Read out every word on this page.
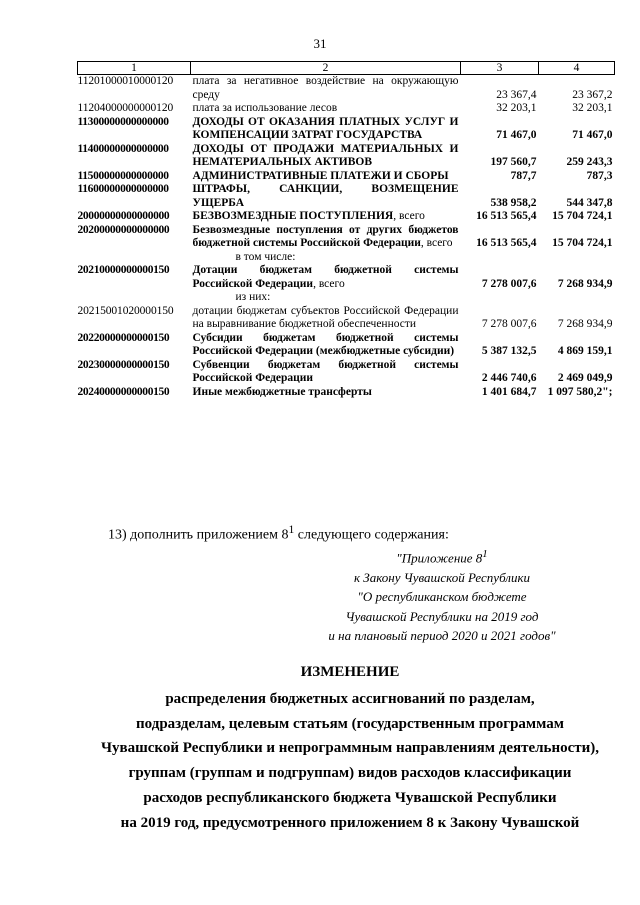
31
1	2	3	4
11201000010000120	плата за негативное воздействие на окружающую среду	23 367,4	23 367,2
11204000000000120	плата за использование лесов	32 203,1	32 203,1
11300000000000000	ДОХОДЫ ОТ ОКАЗАНИЯ ПЛАТНЫХ УСЛУГ И КОМПЕНСАЦИИ ЗАТРАТ ГОСУДАРСТВА	71 467,0	71 467,0
11400000000000000	ДОХОДЫ ОТ ПРОДАЖИ МАТЕРИАЛЬНЫХ И НЕМАТЕРИАЛЬНЫХ АКТИВОВ	197 560,7	259 243,3
11500000000000000	АДМИНИСТРАТИВНЫЕ ПЛАТЕЖИ И СБОРЫ	787,7	787,3
11600000000000000	ШТРАФЫ, САНКЦИИ, ВОЗМЕЩЕНИЕ УЩЕРБА	538 958,2	544 347,8
20000000000000000	БЕЗВОЗМЕЗДНЫЕ ПОСТУПЛЕНИЯ, всего	16 513 565,4	15 704 724,1
20200000000000000	Безвозмездные поступления от других бюджетов бюджетной системы Российской Федерации, всего	16 513 565,4	15 704 724,1
	в том числе:		
20210000000000150	Дотации бюджетам бюджетной системы Российской Федерации, всего	7 278 007,6	7 268 934,9
	из них:		
20215001020000150	дотации бюджетам субъектов Российской Федерации на выравнивание бюджетной обеспеченности	7 278 007,6	7 268 934,9
20220000000000150	Субсидии бюджетам бюджетной системы Российской Федерации (межбюджетные субсидии)	5 387 132,5	4 869 159,1
20230000000000150	Субвенции бюджетам бюджетной системы Российской Федерации	2 446 740,6	2 469 049,9
20240000000000150	Иные межбюджетные трансферты	1 401 684,7	1 097 580,2";
13) дополнить приложением $8^1$ следующего содержания:
"Приложение $8^1$
к Закону Чувашской Республики
"О республиканском бюджете
Чувашской Республики на 2019 год
и на плановый период 2020 и 2021 годов"
ИЗМЕНЕНИЕ
распределения бюджетных ассигнований по разделам,
подразделам, целевым статьям (государственным программам
Чувашской Республики и непрограммным направлениям деятельности),
группам (группам и подгруппам) видов расходов классификации
расходов республиканского бюджета Чувашской Республики
на 2019 год, предусмотренного приложением 8 к Закону Чувашской
